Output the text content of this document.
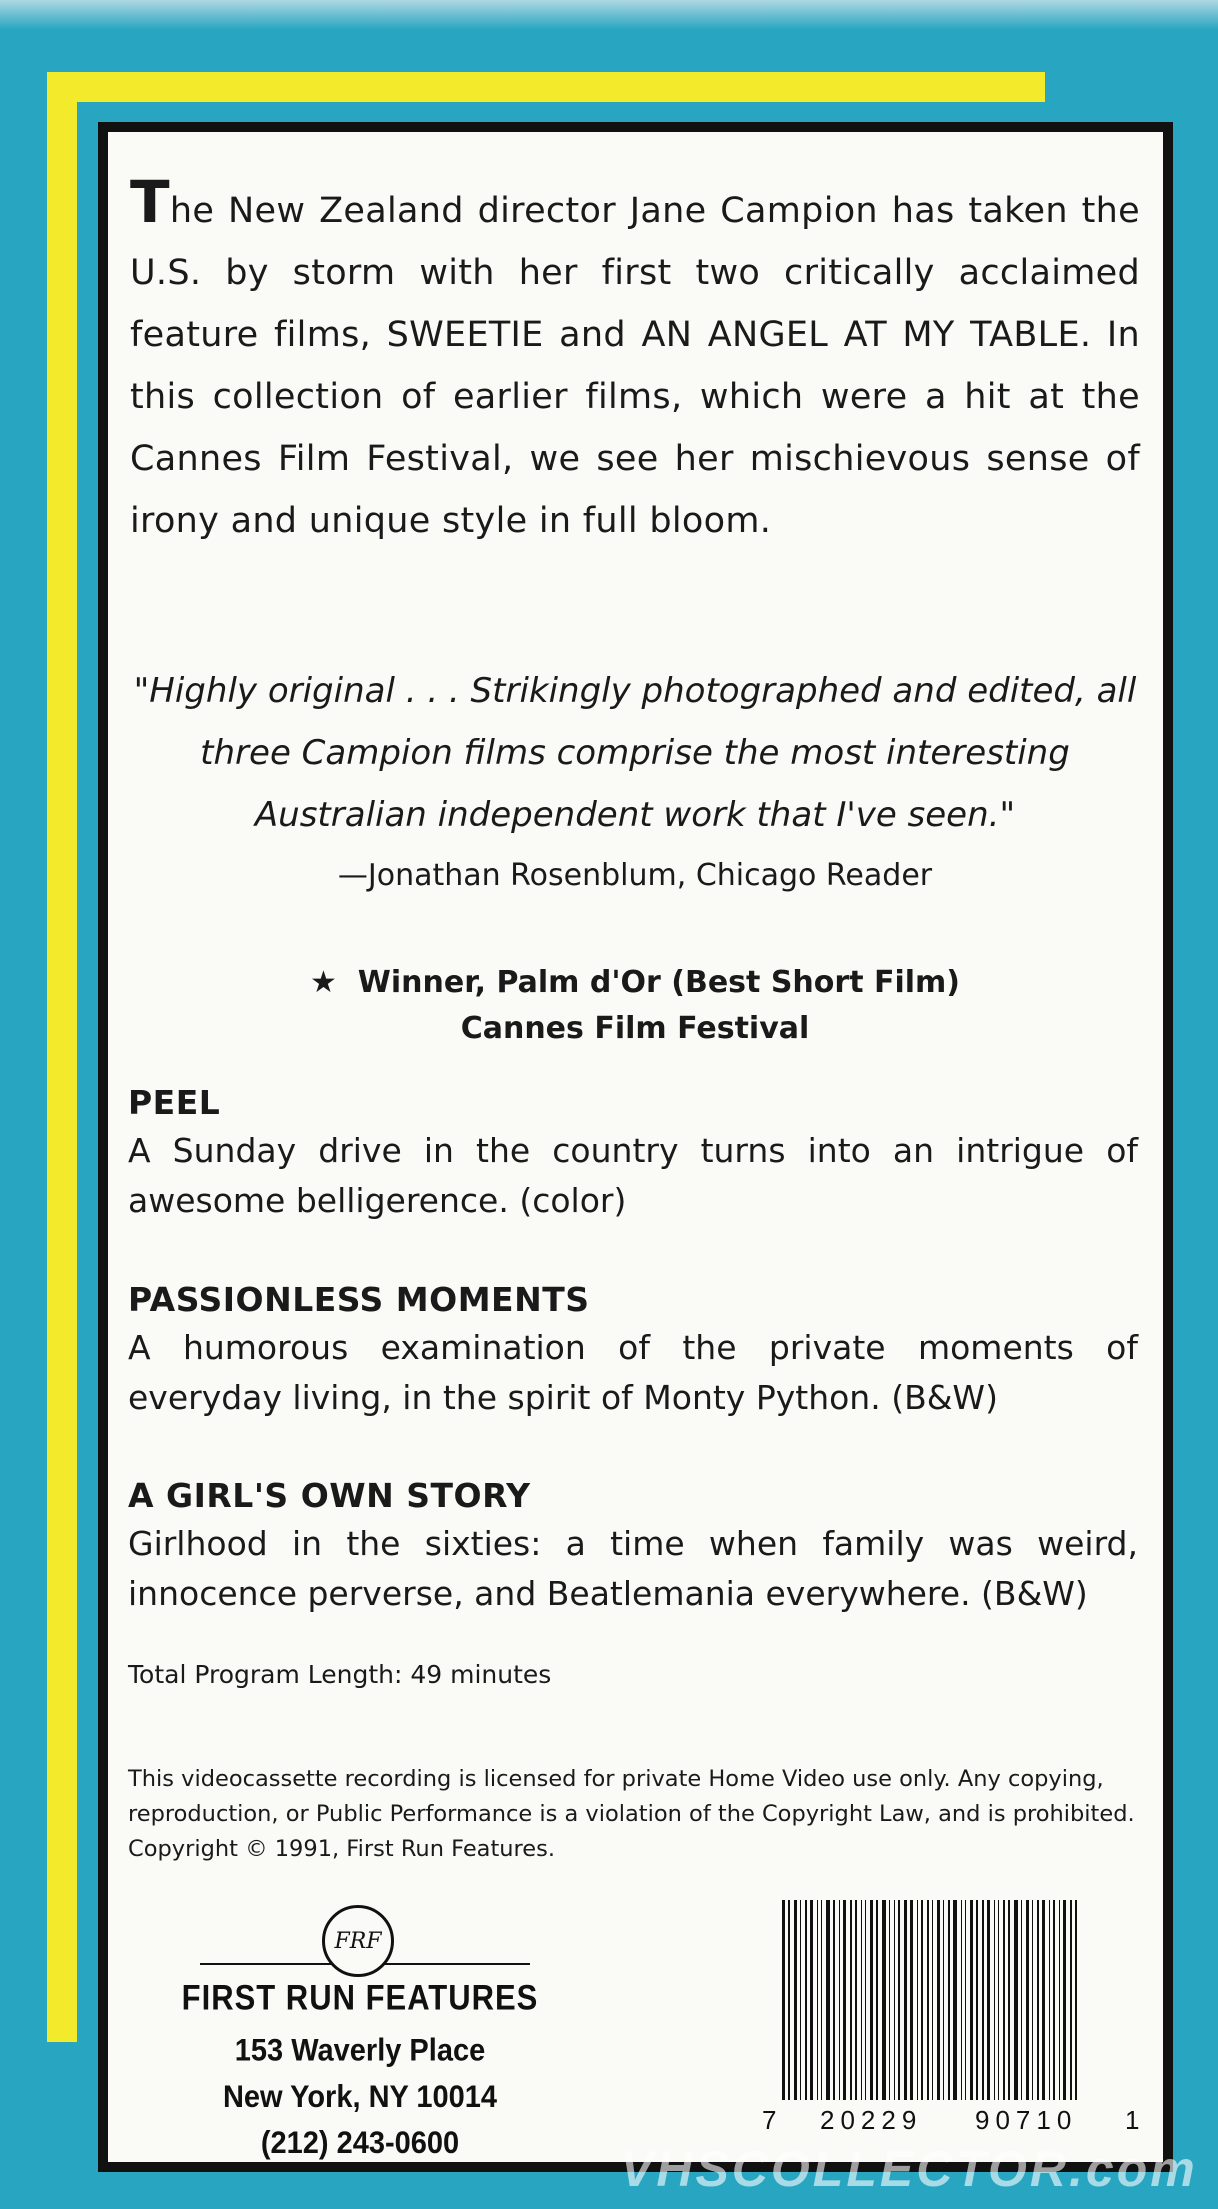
The New Zealand director Jane Campion has taken the U.S. by storm with her first two critically acclaimed feature films, SWEETIE and AN ANGEL AT MY TABLE. In this collection of earlier films, which were a hit at the Cannes Film Festival, we see her mischievous sense of irony and unique style in full bloom.

"Highly original . . . Strikingly photographed and edited, all three Campion films comprise the most interesting Australian independent work that I've seen."

—Jonathan Rosenblum, Chicago Reader
★ Winner, Palm d'Or (Best Short Film)
Cannes Film Festival
PEEL
A Sunday drive in the country turns into an intrigue of awesome belligerence. (color)
PASSIONLESS MOMENTS
A humorous examination of the private moments of everyday living, in the spirit of Monty Python. (B&W)
A GIRL'S OWN STORY
Girlhood in the sixties: a time when family was weird, innocence perverse, and Beatlemania everywhere. (B&W)
Total Program Length: 49 minutes

This videocassette recording is licensed for private Home Video use only. Any copying, reproduction, or Public Performance is a violation of the Copyright Law, and is prohibited. Copyright © 1991, First Run Features.

FRF
FIRST RUN FEATURES
153 Waverly Place
New York, NY 10014
(212) 243-0600
7 20229 90710 1
VHSCOLLECTOR.com
